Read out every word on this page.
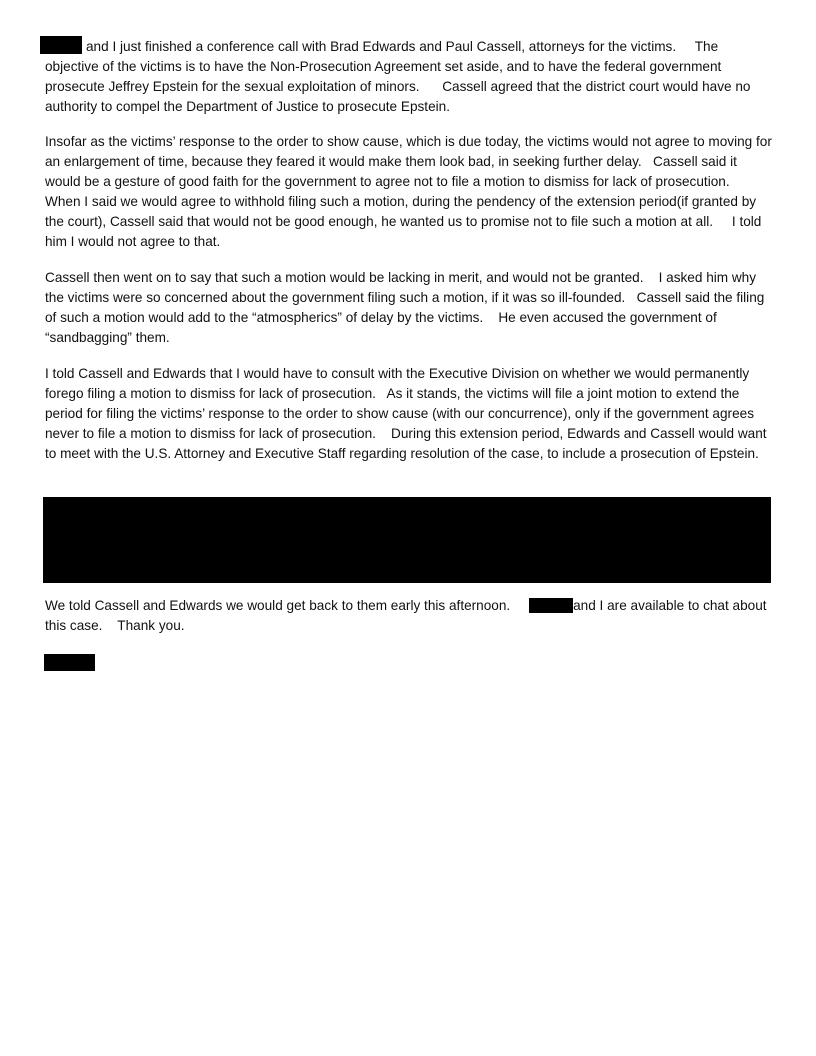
and I just finished a conference call with Brad Edwards and Paul Cassell, attorneys for the victims.     The objective of the victims is to have the Non-Prosecution Agreement set aside, and to have the federal government prosecute Jeffrey Epstein for the sexual exploitation of minors.      Cassell agreed that the district court would have no authority to compel the Department of Justice to prosecute Epstein.

Insofar as the victims’ response to the order to show cause, which is due today, the victims would not agree to moving for an enlargement of time, because they feared it would make them look bad, in seeking further delay.   Cassell said it would be a gesture of good faith for the government to agree not to file a motion to dismiss for lack of prosecution.    When I said we would agree to withhold filing such a motion, during the pendency of the extension period(if granted by the court), Cassell said that would not be good enough, he wanted us to promise not to file such a motion at all.     I told him I would not agree to that.

Cassell then went on to say that such a motion would be lacking in merit, and would not be granted.    I asked him why the victims were so concerned about the government filing such a motion, if it was so ill-founded.   Cassell said the filing of such a motion would add to the “atmospherics” of delay by the victims.    He even accused the government of “sandbagging” them.

I told Cassell and Edwards that I would have to consult with the Executive Division on whether we would permanently forego filing a motion to dismiss for lack of prosecution.   As it stands, the victims will file a joint motion to extend the period for filing the victims’ response to the order to show cause (with our concurrence), only if the government agrees never to file a motion to dismiss for lack of prosecution.    During this extension period, Edwards and Cassell would want to meet with the U.S. Attorney and Executive Staff regarding resolution of the case, to include a prosecution of Epstein.

We told Cassell and Edwards we would get back to them early this afternoon.	and I are available to chat about this case.    Thank you.
